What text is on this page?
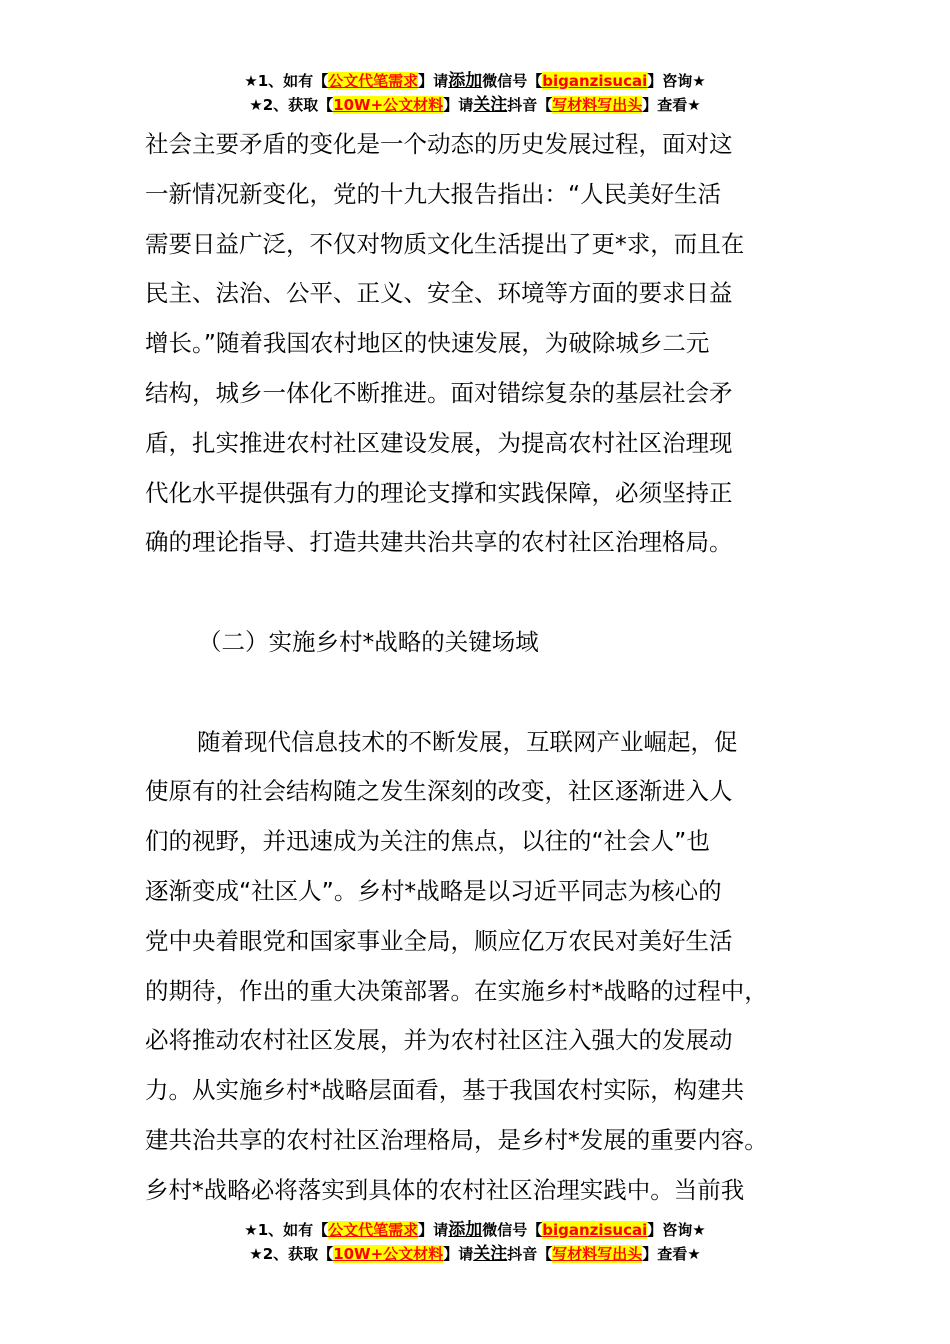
★1、如有【公文代笔需求】请添加微信号【biganzisucai】咨询★
★2、获取【10W+公文材料】请关注抖音【写材料写出头】查看★
社会主要矛盾的变化是一个动态的历史发展过程，面对这
一新情况新变化，党的十九大报告指出：“人民美好生活
需要日益广泛，不仅对物质文化生活提出了更*求，而且在
民主、法治、公平、正义、安全、环境等方面的要求日益
增长。”随着我国农村地区的快速发展，为破除城乡二元
结构，城乡一体化不断推进。面对错综复杂的基层社会矛
盾，扎实推进农村社区建设发展，为提高农村社区治理现
代化水平提供强有力的理论支撑和实践保障，必须坚持正
确的理论指导、打造共建共治共享的农村社区治理格局。
（二）实施乡村*战略的关键场域
随着现代信息技术的不断发展，互联网产业崛起，促
使原有的社会结构随之发生深刻的改变，社区逐渐进入人
们的视野，并迅速成为关注的焦点，以往的“社会人”也
逐渐变成“社区人”。乡村*战略是以习近平同志为核心的
党中央着眼党和国家事业全局，顺应亿万农民对美好生活
的期待，作出的重大决策部署。在实施乡村*战略的过程中，
必将推动农村社区发展，并为农村社区注入强大的发展动
力。从实施乡村*战略层面看，基于我国农村实际，构建共
建共治共享的农村社区治理格局，是乡村*发展的重要内容。
乡村*战略必将落实到具体的农村社区治理实践中。当前我
★1、如有【公文代笔需求】请添加微信号【biganzisucai】咨询★
★2、获取【10W+公文材料】请关注抖音【写材料写出头】查看★
